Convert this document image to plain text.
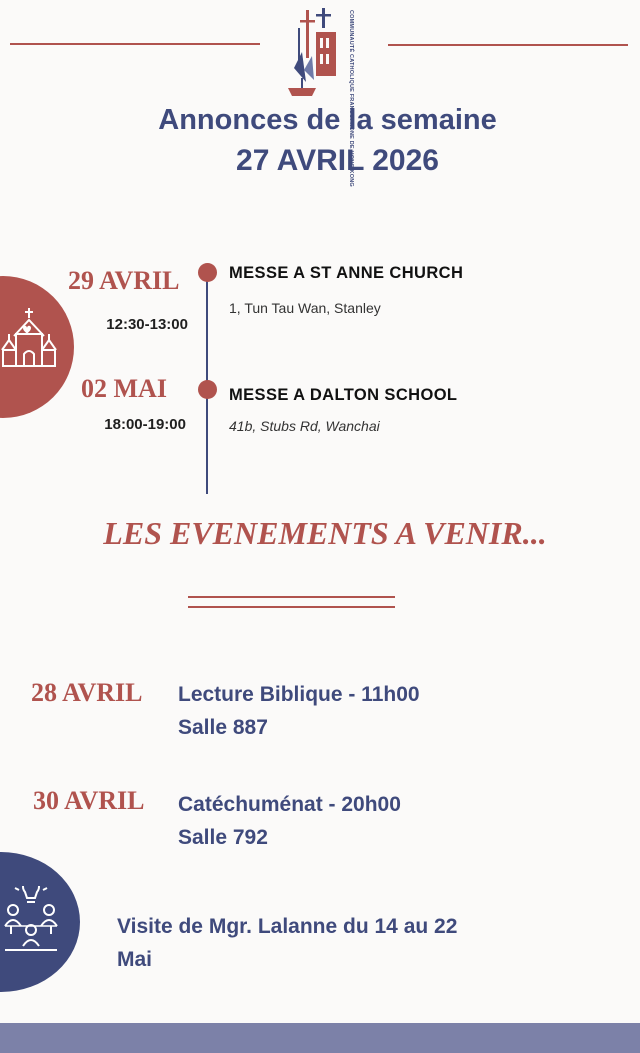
COMMUNAUTÉ CATHOLIQUE FRANCOPHONE DE HONG KONG
Annonces de la semaine
27 AVRIL 2026
29 AVRIL
12:30-13:00
MESSE A ST ANNE CHURCH
1, Tun Tau Wan, Stanley
02 MAI
18:00-19:00
MESSE A DALTON SCHOOL
41b, Stubs Rd, Wanchai
LES EVENEMENTS A VENIR...
28 AVRIL Lecture Biblique - 11h00
Salle 887
30 AVRIL Catéchuménat - 20h00
Salle 792
Visite de Mgr. Lalanne du 14 au 22
Mai
